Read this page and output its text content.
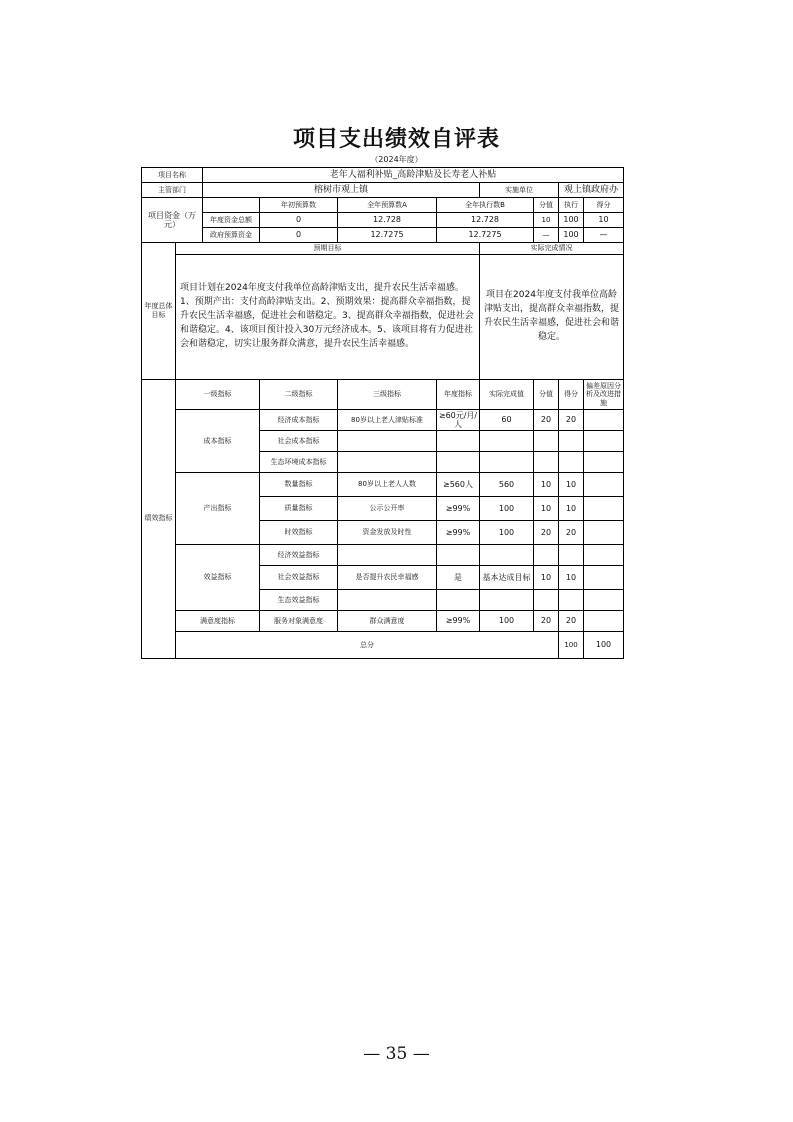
项目支出绩效自评表
（2024年度）
项目名称		老年人福利补贴_高龄津贴及长寿老人补贴								
主管部门		榕树市观上镇				实施单位		观上镇政府办		
项目资金（万元）			年初预算数	全年预算数A	全年执行数B		分值	执行	得分	
		年度资金总额	0	12.728	12.728		10	100	10	
		政府预算资金	0	12.7275	12.7275		—	100	—	
年度总体目标	预期目标					实际完成情况				
	项目计划在2024年度支付我单位高龄津贴支出，提升农民生活幸福感。1、预期产出：支付高龄津贴支出。2、预期效果：提高群众幸福指数，提升农民生活幸福感，促进社会和谐稳定。3、提高群众幸福指数，促进社会和谐稳定。4、该项目预计投入30万元经济成本。5、该项目将有力促进社会和谐稳定，切实让服务群众满意，提升农民生活幸福感。					项目在2024年度支付我单位高龄津贴支出，提高群众幸福指数，提升农民生活幸福感，促进社会和谐稳定。				
绩效指标	一级指标		二级指标	三级指标	年度指标	实际完成值	分值	得分	偏差原因分析及改进措施	
	成本指标		经济成本指标	80岁以上老人津贴标准	≥60元/月/人	60	20	20		
			社会成本指标							
			生态环境成本指标							
	产出指标		数量指标	80岁以上老人人数	≥560人	560	10	10		
			质量指标	公示公开率	≥99%	100	10	10		
			时效指标	资金发放及时性	≥99%	100	20	20		
	效益指标		经济效益指标							
			社会效益指标	是否提升农民幸福感	是	基本达成目标	10	10		
			生态效益指标							
	满意度指标		服务对象满意度	群众满意度	≥99%	100	20	20		
	总分							100	100	
— 35 —
